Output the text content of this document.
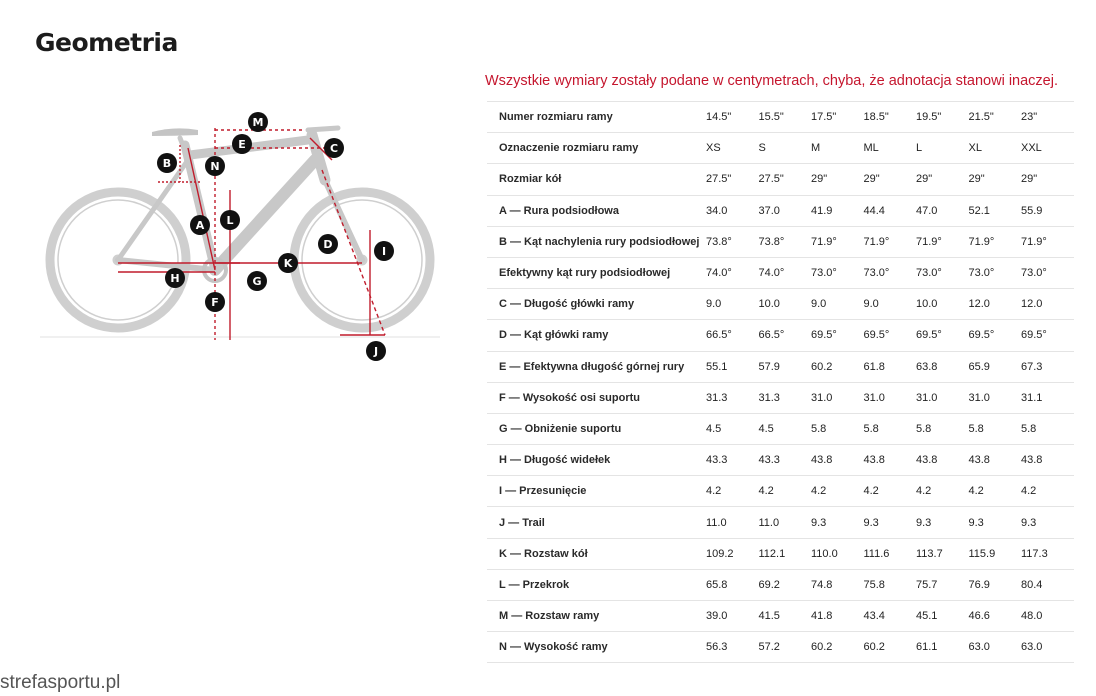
Geometria
Wszystkie wymiary zostały podane w centymetrach, chyba, że adnotacja stanowi inaczej.
M
E	C
B	N
A L
D
I
K
H	G
F
J
Numer rozmiaru ramy	14.5"	15.5"	17.5"	18.5"	19.5"	21.5"	23"
Oznaczenie rozmiaru ramy	XS	S	M	ML	L	XL	XXL
Rozmiar kół	27.5"	27.5"	29"	29"	29"	29"	29"
A — Rura podsiodłowa	34.0	37.0	41.9	44.4	47.0	52.1	55.9
B — Kąt nachylenia rury podsiodłowej	73.8°	73.8°	71.9°	71.9°	71.9°	71.9°	71.9°
Efektywny kąt rury podsiodłowej	74.0°	74.0°	73.0°	73.0°	73.0°	73.0°	73.0°
C — Długość główki ramy	9.0	10.0	9.0	9.0	10.0	12.0	12.0
D — Kąt główki ramy	66.5°	66.5°	69.5°	69.5°	69.5°	69.5°	69.5°
E — Efektywna długość górnej rury	55.1	57.9	60.2	61.8	63.8	65.9	67.3
F — Wysokość osi suportu	31.3	31.3	31.0	31.0	31.0	31.0	31.1
G — Obniżenie suportu	4.5	4.5	5.8	5.8	5.8	5.8	5.8
H — Długość widełek	43.3	43.3	43.8	43.8	43.8	43.8	43.8
I — Przesunięcie	4.2	4.2	4.2	4.2	4.2	4.2	4.2
J — Trail	11.0	11.0	9.3	9.3	9.3	9.3	9.3
K — Rozstaw kół	109.2	112.1	110.0	111.6	113.7	115.9	117.3
L — Przekrok	65.8	69.2	74.8	75.8	75.7	76.9	80.4
M — Rozstaw ramy	39.0	41.5	41.8	43.4	45.1	46.6	48.0
N — Wysokość ramy	56.3	57.2	60.2	60.2	61.1	63.0	63.0
strefasportu.pl
